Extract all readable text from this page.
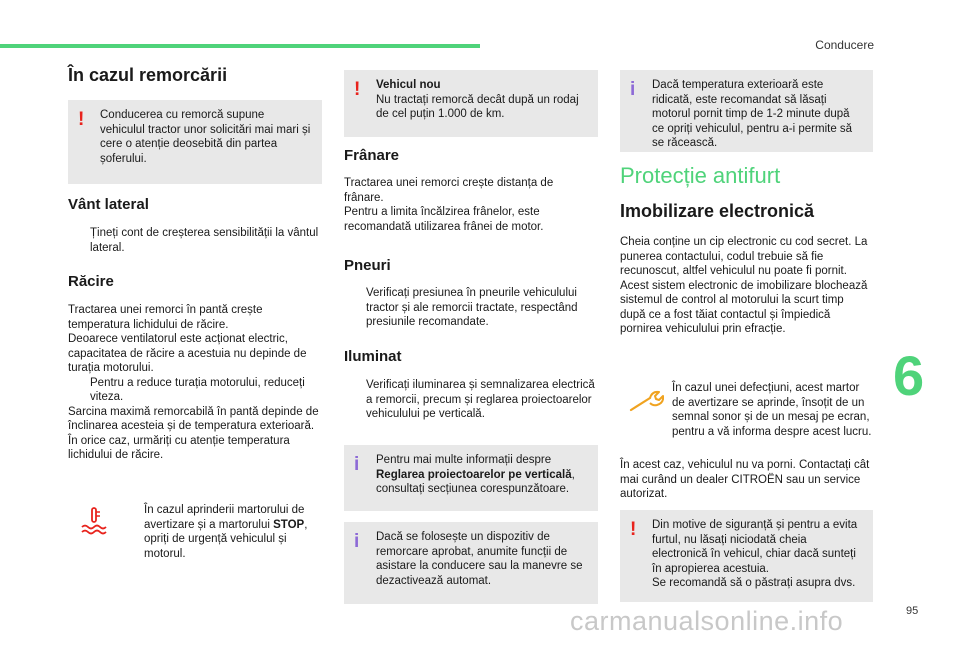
Conducere
În cazul remorcării
!	Conducerea cu remorcă supune vehiculul tractor unor solicitări mai mari și cere o atenție deosebită din partea șoferului.

Vânt lateral
Țineți cont de creșterea sensibilității la vântul lateral.
Răcire

Tractarea unei remorci în pantă crește temperatura lichidului de răcire.

Deoarece ventilatorul este acționat electric, capacitatea de răcire a acestuia nu depinde de turația motorului.

Pentru a reduce turația motorului, reduceți viteza.

Sarcina maximă remorcabilă în pantă depinde de înclinarea acesteia și de temperatura exterioară.

În orice caz, urmăriți cu atenție temperatura lichidului de răcire.

În cazul aprinderii martorului de avertizare și a martorului STOP, opriți de urgență vehiculul și motorul.
!	Vehicul nou

Nu tractați remorcă decât după un rodaj de cel puțin 1.000 de km.

Frânare

Tractarea unei remorci crește distanța de frânare.

Pentru a limita încălzirea frânelor, este recomandată utilizarea frânei de motor.

Pneuri
Verificați presiunea în pneurile vehiculului tractor și ale remorcii tractate, respectând presiunile recomandate.
Iluminat
Verificați iluminarea și semnalizarea electrică a remorcii, precum și reglarea proiectoarelor vehiculului pe verticală.
i	Pentru mai multe informații despre Reglarea proiectoarelor pe verticală, consultați secțiunea corespunzătoare.

i	Dacă se folosește un dispozitiv de remorcare aprobat, anumite funcții de asistare la conducere sau la manevre se dezactivează automat.

i	Dacă temperatura exterioară este ridicată, este recomandat să lăsați motorul pornit timp de 1-2 minute după ce opriți vehiculul, pentru a-i permite să se răcească.

Protecție antifurt
Imobilizare electronică

Cheia conține un cip electronic cu cod secret. La punerea contactului, codul trebuie să fie recunoscut, altfel vehiculul nu poate fi pornit. Acest sistem electronic de imobilizare blochează sistemul de control al motorului la scurt timp după ce a fost tăiat contactul și împiedică pornirea vehiculului prin efracție.

În cazul unei defecțiuni, acest martor de avertizare se aprinde, însoțit de un semnal sonor și de un mesaj pe ecran, pentru a vă informa despre acest lucru.

În acest caz, vehiculul nu va porni. Contactați cât mai curând un dealer CITROËN sau un service autorizat.

!	Din motive de siguranță și pentru a evita furtul, nu lăsați niciodată cheia electronică în vehicul, chiar dacă sunteți în apropierea acestuia.

Se recomandă să o păstrați asupra dvs.

6
95
carmanualsonline.info
